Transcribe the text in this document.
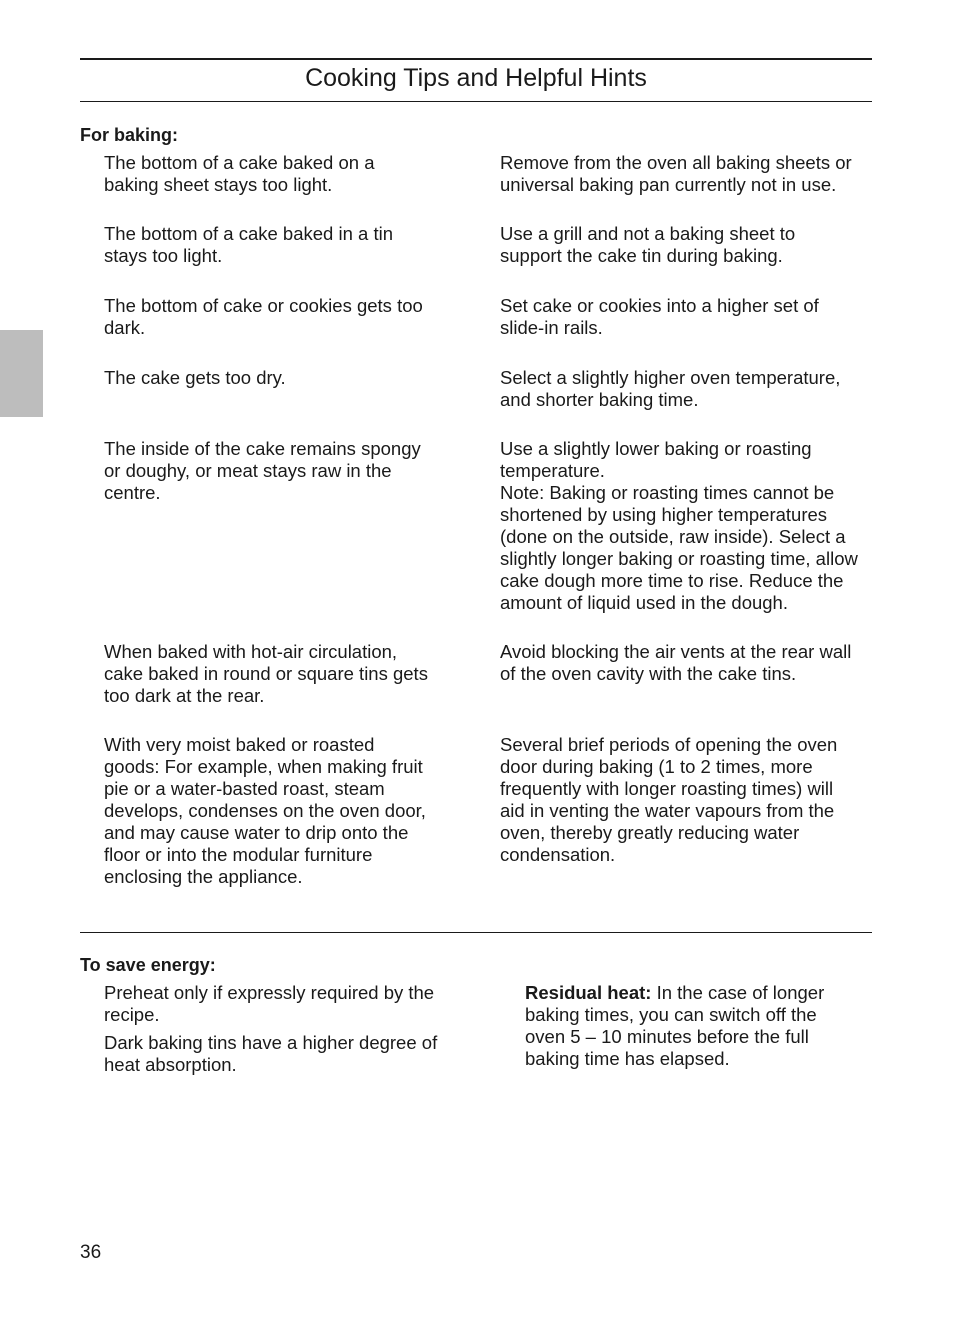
Cooking Tips and Helpful Hints
For baking:
The bottom of a cake baked on a
baking sheet stays too light.
Remove from the oven all baking sheets or
universal baking pan currently not in use.
The bottom of a cake baked in a tin
stays too light.
Use a grill and not a baking sheet to
support the cake tin during baking.
The bottom of cake or cookies gets too
dark.
Set cake or cookies into a higher set of
slide-in rails.
The cake gets too dry.	Select a slightly higher oven temperature,
and shorter baking time.
The inside of the cake remains spongy
or doughy, or meat stays raw in the
centre.
Use a slightly lower baking or roasting
temperature.
Note: Baking or roasting times cannot be
shortened by using higher temperatures
(done on the outside, raw inside). Select a
slightly longer baking or roasting time, allow
cake dough more time to rise. Reduce the
amount of liquid used in the dough.
When baked with hot-air circulation,
cake baked in round or square tins gets
too dark at the rear.
Avoid blocking the air vents at the rear wall
of the oven cavity with the cake tins.
With very moist baked or roasted
goods: For example, when making fruit
pie or a water-basted roast, steam
develops, condenses on the oven door,
and may cause water to drip onto the
floor or into the modular furniture
enclosing the appliance.
Several brief periods of opening the oven
door during baking (1 to 2 times, more
frequently with longer roasting times) will
aid in venting the water vapours from the
oven, thereby greatly reducing water
condensation.
To save energy:
Preheat only if expressly required by the
recipe.
Dark baking tins have a higher degree of
heat absorption.
Residual heat: In the case of longer
baking times, you can switch off the
oven 5 – 10 minutes before the full
baking time has elapsed.
36
